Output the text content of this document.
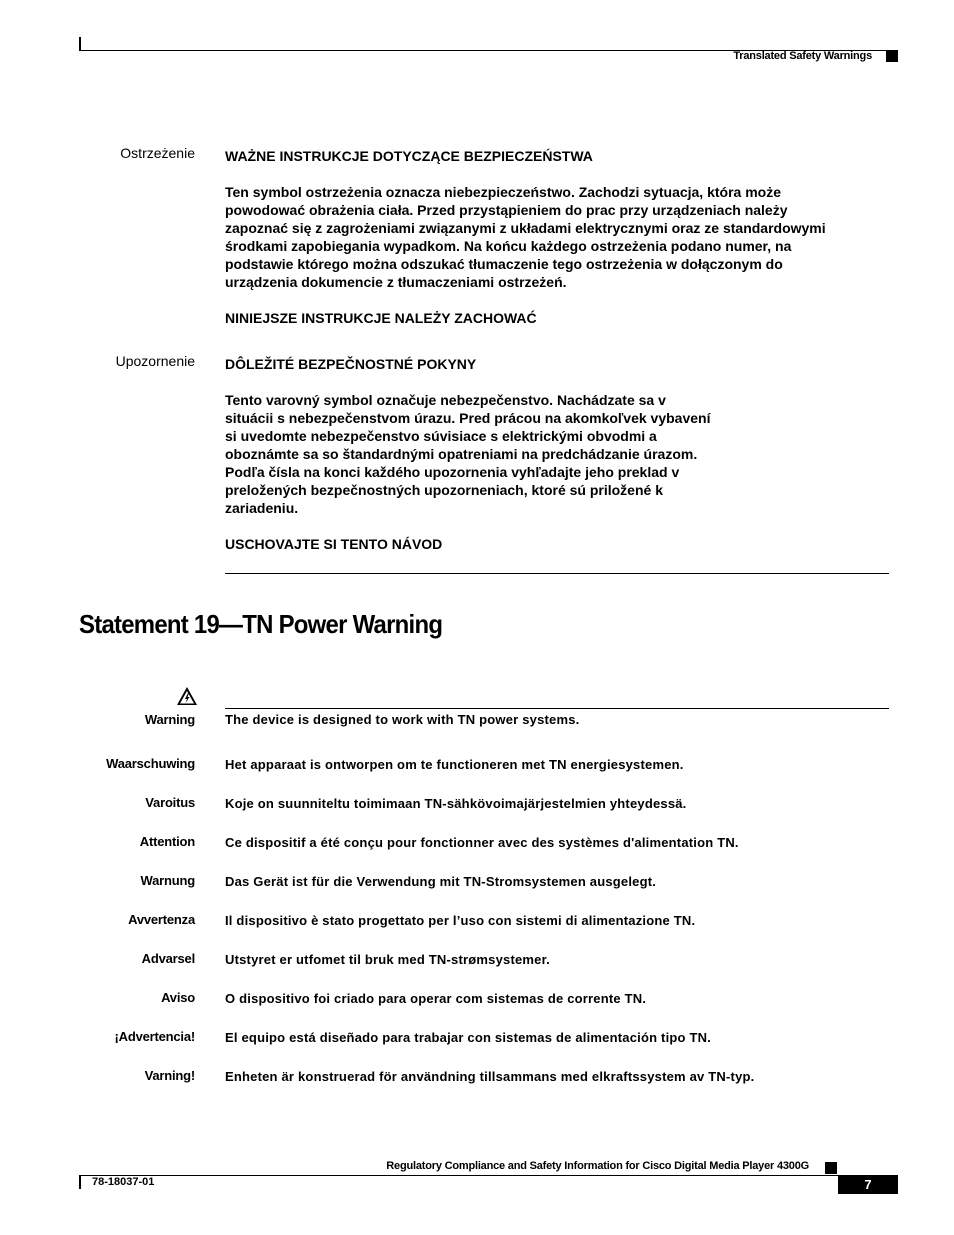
Translated Safety Warnings
Ostrzeżenie WAŻNE INSTRUKCJE DOTYCZĄCE BEZPIECZEŃSTWA

Ten symbol ostrzeżenia oznacza niebezpieczeństwo. Zachodzi sytuacja, która może

powodować obrażenia ciała. Przed przystąpieniem do prac przy urządzeniach należy

zapoznać się z zagrożeniami związanymi z układami elektrycznymi oraz ze standardowymi

środkami zapobiegania wypadkom. Na końcu każdego ostrzeżenia podano numer, na

podstawie którego można odszukać tłumaczenie tego ostrzeżenia w dołączonym do

urządzenia dokumencie z tłumaczeniami ostrzeżeń.

NINIEJSZE INSTRUKCJE NALEŻY ZACHOWAĆ

Upozornenie DÔLEŽITÉ BEZPEČNOSTNÉ POKYNY

Tento varovný symbol označuje nebezpečenstvo. Nachádzate sa v

situácii s nebezpečenstvom úrazu. Pred prácou na akomkoľvek vybavení

si uvedomte nebezpečenstvo súvisiace s elektrickými obvodmi a

oboznámte sa so štandardnými opatreniami na predchádzanie úrazom.

Podľa čísla na konci každého upozornenia vyhľadajte jeho preklad v

preložených bezpečnostných upozorneniach, ktoré sú priložené k

zariadeniu.

USCHOVAJTE SI TENTO NÁVOD

Statement 19—TN Power Warning
Warning The device is designed to work with TN power systems.
Waarschuwing Het apparaat is ontworpen om te functioneren met TN energiesystemen.
Varoitus Koje on suunniteltu toimimaan TN-sähkövoimajärjestelmien yhteydessä.
Attention Ce dispositif a été conçu pour fonctionner avec des systèmes d'alimentation TN.
Warnung Das Gerät ist für die Verwendung mit TN-Stromsystemen ausgelegt.
Avvertenza Il dispositivo è stato progettato per l’uso con sistemi di alimentazione TN.
Advarsel Utstyret er utfomet til bruk med TN-strømsystemer.
Aviso O dispositivo foi criado para operar com sistemas de corrente TN.
¡Advertencia! El equipo está diseñado para trabajar con sistemas de alimentación tipo TN.
Varning! Enheten är konstruerad för användning tillsammans med elkraftssystem av TN-typ.
Regulatory Compliance and Safety Information for Cisco Digital Media Player 4300G
78-18037-01	7
